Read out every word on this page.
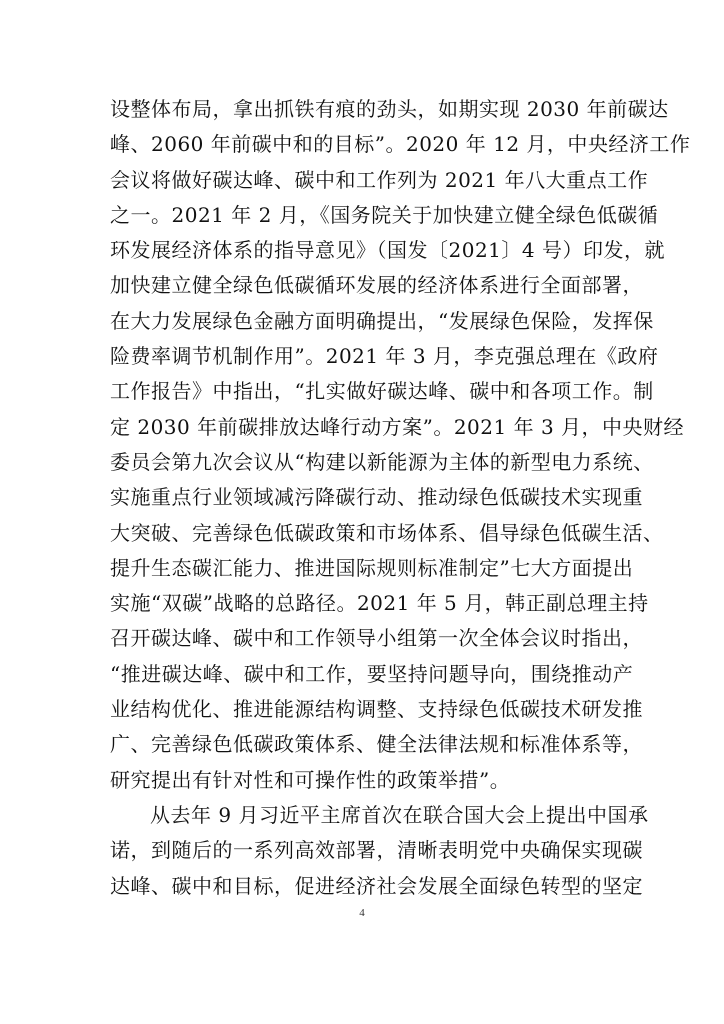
设整体布局，拿出抓铁有痕的劲头，如期实现 2030 年前碳达
峰、2060 年前碳中和的目标”。2020 年 12 月，中央经济工作
会议将做好碳达峰、碳中和工作列为 2021 年八大重点工作
之一。2021 年 2 月，《国务院关于加快建立健全绿色低碳循
环发展经济体系的指导意见》（国发〔2021〕4 号）印发，就
加快建立健全绿色低碳循环发展的经济体系进行全面部署，
在大力发展绿色金融方面明确提出，“发展绿色保险，发挥保
险费率调节机制作用”。2021 年 3 月，李克强总理在《政府
工作报告》中指出，“扎实做好碳达峰、碳中和各项工作。制
定 2030 年前碳排放达峰行动方案”。2021 年 3 月，中央财经
委员会第九次会议从“构建以新能源为主体的新型电力系统、
实施重点行业领域减污降碳行动、推动绿色低碳技术实现重
大突破、完善绿色低碳政策和市场体系、倡导绿色低碳生活、
提升生态碳汇能力、推进国际规则标准制定”七大方面提出
实施“双碳”战略的总路径。2021 年 5 月，韩正副总理主持
召开碳达峰、碳中和工作领导小组第一次全体会议时指出，
“推进碳达峰、碳中和工作，要坚持问题导向，围绕推动产
业结构优化、推进能源结构调整、支持绿色低碳技术研发推
广、完善绿色低碳政策体系、健全法律法规和标准体系等，
研究提出有针对性和可操作性的政策举措”。
从去年 9 月习近平主席首次在联合国大会上提出中国承
诺，到随后的一系列高效部署，清晰表明党中央确保实现碳
达峰、碳中和目标，促进经济社会发展全面绿色转型的坚定
4
